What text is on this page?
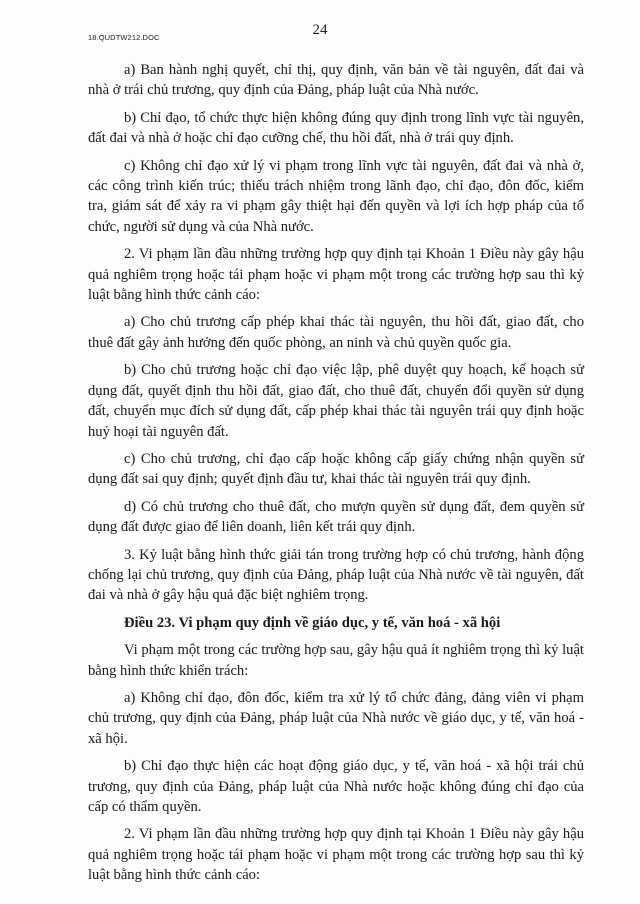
18.QUDTW212.DOC	24

a) Ban hành nghị quyết, chỉ thị, quy định, văn bản về tài nguyên, đất đai và nhà ở trái chủ trương, quy định của Đảng, pháp luật của Nhà nước.

b) Chỉ đạo, tổ chức thực hiện không đúng quy định trong lĩnh vực tài nguyên, đất đai và nhà ở hoặc chỉ đạo cưỡng chế, thu hồi đất, nhà ở trái quy định.

c) Không chỉ đạo xử lý vi phạm trong lĩnh vực tài nguyên, đất đai và nhà ở, các công trình kiến trúc; thiếu trách nhiệm trong lãnh đạo, chỉ đạo, đôn đốc, kiểm tra, giám sát để xảy ra vi phạm gây thiệt hại đến quyền và lợi ích hợp pháp của tổ chức, người sử dụng và của Nhà nước.

2. Vi phạm lần đầu những trường hợp quy định tại Khoản 1 Điều này gây hậu quả nghiêm trọng hoặc tái phạm hoặc vi phạm một trong các trường hợp sau thì kỷ luật bằng hình thức cảnh cáo:

a) Cho chủ trương cấp phép khai thác tài nguyên, thu hồi đất, giao đất, cho thuê đất gây ảnh hưởng đến quốc phòng, an ninh và chủ quyền quốc gia.

b) Cho chủ trương hoặc chỉ đạo việc lập, phê duyệt quy hoạch, kế hoạch sử dụng đất, quyết định thu hồi đất, giao đất, cho thuê đất, chuyển đổi quyền sử dụng đất, chuyển mục đích sử dụng đất, cấp phép khai thác tài nguyên trái quy định hoặc huỷ hoại tài nguyên đất.

c) Cho chủ trương, chỉ đạo cấp hoặc không cấp giấy chứng nhận quyền sử dụng đất sai quy định; quyết định đầu tư, khai thác tài nguyên trái quy định.

d) Có chủ trương cho thuê đất, cho mượn quyền sử dụng đất, đem quyền sử dụng đất được giao để liên doanh, liên kết trái quy định.

3. Kỷ luật bằng hình thức giải tán trong trường hợp có chủ trương, hành động chống lại chủ trương, quy định của Đảng, pháp luật của Nhà nước về tài nguyên, đất đai và nhà ở gây hậu quả đặc biệt nghiêm trọng.

Điều 23. Vi phạm quy định về giáo dục, y tế, văn hoá - xã hội

Vi phạm một trong các trường hợp sau, gây hậu quả ít nghiêm trọng thì kỷ luật bằng hình thức khiển trách:

a) Không chỉ đạo, đôn đốc, kiểm tra xử lý tổ chức đảng, đảng viên vi phạm chủ trương, quy định của Đảng, pháp luật của Nhà nước về giáo dục, y tế, văn hoá - xã hội.

b) Chỉ đạo thực hiện các hoạt động giáo dục, y tế, văn hoá - xã hội trái chủ trương, quy định của Đảng, pháp luật của Nhà nước hoặc không đúng chỉ đạo của cấp có thẩm quyền.

2. Vi phạm lần đầu những trường hợp quy định tại Khoản 1 Điều này gây hậu quả nghiêm trọng hoặc tái phạm hoặc vi phạm một trong các trường hợp sau thì kỷ luật bằng hình thức cảnh cáo:
